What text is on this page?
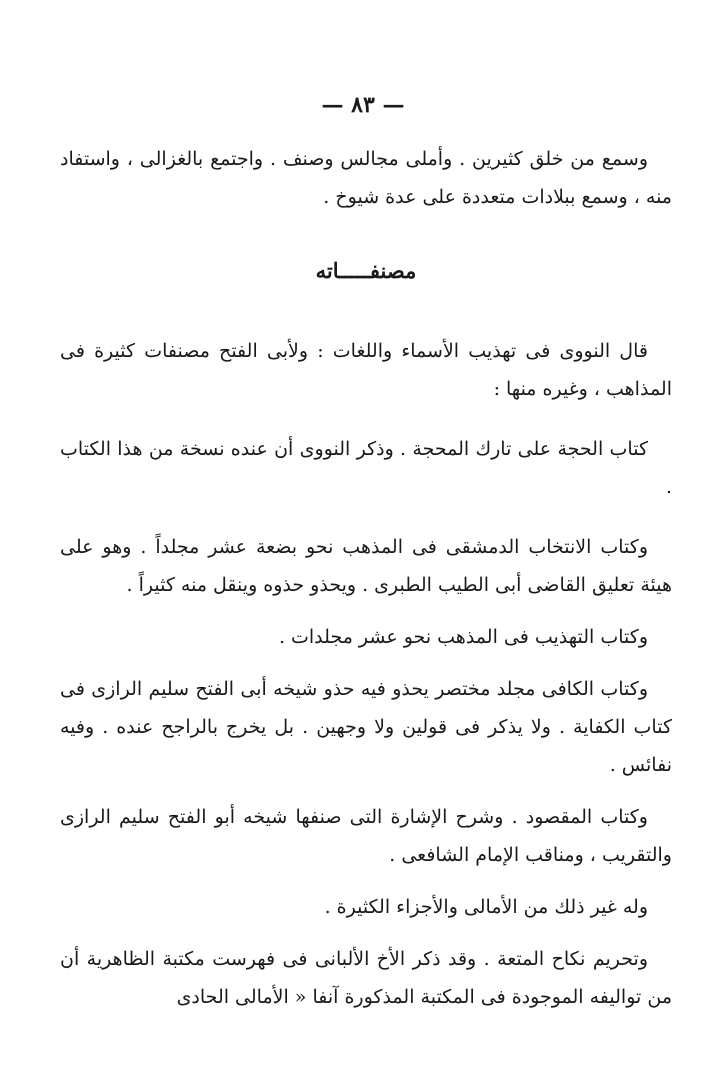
— ٨٣ —

وسمع من خلق كثيرين . وأملى مجالس وصنف . واجتمع بالغزالى ، واستفاد منه ، وسمع ببلادات متعددة على عدة شيوخ .

مصنفـــــاته

قال النووى فى تهذيب الأسماء واللغات : ولأبى الفتح مصنفات كثيرة فى المذاهب ، وغيره منها :

كتاب الحجة على تارك المحجة . وذكر النووى أن عنده نسخة من هذا الكتاب .

وكتاب الانتخاب الدمشقى فى المذهب نحو بضعة عشر مجلداً . وهو على هيئة تعليق القاضى أبى الطيب الطبرى . ويحذو حذوه وينقل منه كثيراً .

وكتاب التهذيب فى المذهب نحو عشر مجلدات .

وكتاب الكافى مجلد مختصر يحذو فيه حذو شيخه أبى الفتح سليم الرازى فى كتاب الكفاية . ولا يذكر فى قولين ولا وجهين . بل يخرج بالراجح عنده . وفيه نفائس .

وكتاب المقصود . وشرح الإشارة التى صنفها شيخه أبو الفتح سليم الرازى والتقريب ، ومناقب الإمام الشافعى .

وله غير ذلك من الأمالى والأجزاء الكثيرة .

وتحريم نكاح المتعة . وقد ذكر الأخ الألبانى فى فهرست مكتبة الظاهرية أن من تواليفه الموجودة فى المكتبة المذكورة آنفا « الأمالى الحادى
